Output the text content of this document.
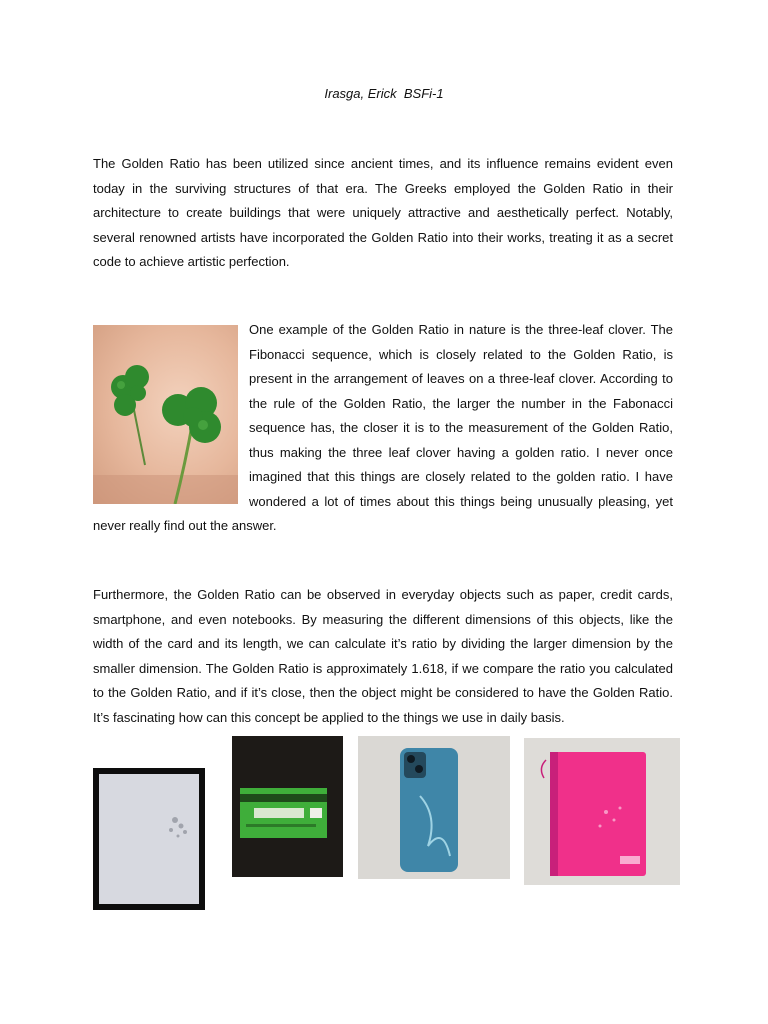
Irasga, Erick  BSFi-1

The Golden Ratio has been utilized since ancient times, and its influence remains evident even today in the surviving structures of that era. The Greeks employed the Golden Ratio in their architecture to create buildings that were uniquely attractive and aesthetically perfect. Notably, several renowned artists have incorporated the Golden Ratio into their works, treating it as a secret code to achieve artistic perfection.

One example of the Golden Ratio in nature is the three-leaf clover. The Fibonacci sequence, which is closely related to the Golden Ratio, is present in the arrangement of leaves on a three-leaf clover. According to the rule of the Golden Ratio, the larger the number in the Fabonacci sequence has, the closer it is to the measurement of the Golden Ratio, thus making the three leaf clover having a golden ratio. I never once imagined that this things are closely related to the golden ratio. I have wondered a lot of times about this things being unusually pleasing, yet never really find out the answer.

Furthermore, the Golden Ratio can be observed in everyday objects such as paper, credit cards, smartphone, and even notebooks. By measuring the different dimensions of this objects, like the width of the card and its length, we can calculate it’s ratio by dividing the larger dimension by the smaller dimension. The Golden Ratio is approximately 1.618, if we compare the ratio you calculated to the Golden Ratio, and if it’s close, then the object might be considered to have the Golden Ratio. It’s fascinating how can this concept be applied to the things we use in daily basis.
